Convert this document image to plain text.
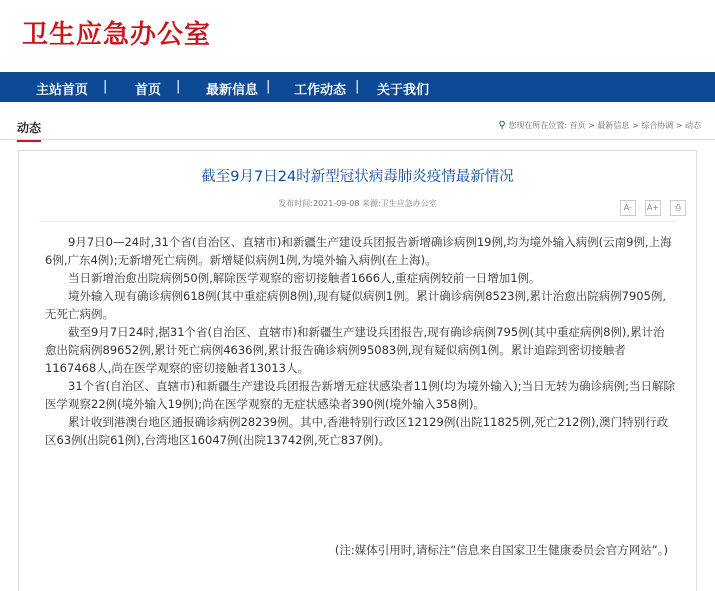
卫生应急办公室
主站首页 | 首页 | 最新信息 | 工作动态 | 关于我们
动态	⚲ 您现在所在位置: 首页 > 最新信息 > 综合协调 > 动态
截至9月7日24时新型冠状病毒肺炎疫情最新情况
发布时间:2021-09-08 来源:卫生应急办公室	A- A+ ⎙

9月7日0—24时,31个省(自治区、直辖市)和新疆生产建设兵团报告新增确诊病例19例,均为境外输入病例(云南9例,上海6例,广东4例);无新增死亡病例。新增疑似病例1例,为境外输入病例(在上海)。

当日新增治愈出院病例50例,解除医学观察的密切接触者1666人,重症病例较前一日增加1例。

境外输入现有确诊病例618例(其中重症病例8例),现有疑似病例1例。累计确诊病例8523例,累计治愈出院病例7905例,无死亡病例。

截至9月7日24时,据31个省(自治区、直辖市)和新疆生产建设兵团报告,现有确诊病例795例(其中重症病例8例),累计治愈出院病例89652例,累计死亡病例4636例,累计报告确诊病例95083例,现有疑似病例1例。累计追踪到密切接触者1167468人,尚在医学观察的密切接触者13013人。

31个省(自治区、直辖市)和新疆生产建设兵团报告新增无症状感染者11例(均为境外输入);当日无转为确诊病例;当日解除医学观察22例(境外输入19例);尚在医学观察的无症状感染者390例(境外输入358例)。

累计收到港澳台地区通报确诊病例28239例。其中,香港特别行政区12129例(出院11825例,死亡212例),澳门特别行政区63例(出院61例),台湾地区16047例(出院13742例,死亡837例)。

(注:媒体引用时,请标注“信息来自国家卫生健康委员会官方网站”。)
